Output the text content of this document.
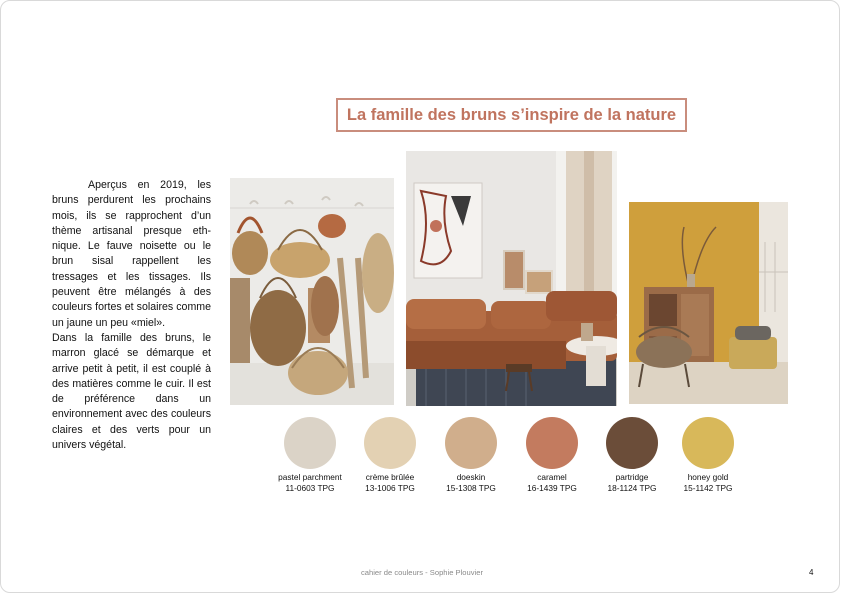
La famille des bruns s’inspire de la nature

Aperçus en 2019, les bruns perdurent les prochains mois, ils se rapprochent d’un thème artisanal presque ethnique. Le fauve noisette ou le brun sisal rappellent les tressages et les tissages. Ils peuvent être mélangés à des couleurs fortes et solaires comme un jaune un peu «miel».

Dans la famille des bruns, le marron glacé se démarque et arrive petit à petit, il est couplé à des matières comme le cuir. Il est de préférence dans un environnement avec des couleurs claires et des verts pour un univers végétal.

pastel parchment
11-0603 TPG
crème brûlée
13-1006 TPG
doeskin
15-1308 TPG
caramel
16-1439 TPG
partridge
18-1124 TPG
honey gold
15-1142 TPG
cahier de couleurs - Sophie Plouvier	4
